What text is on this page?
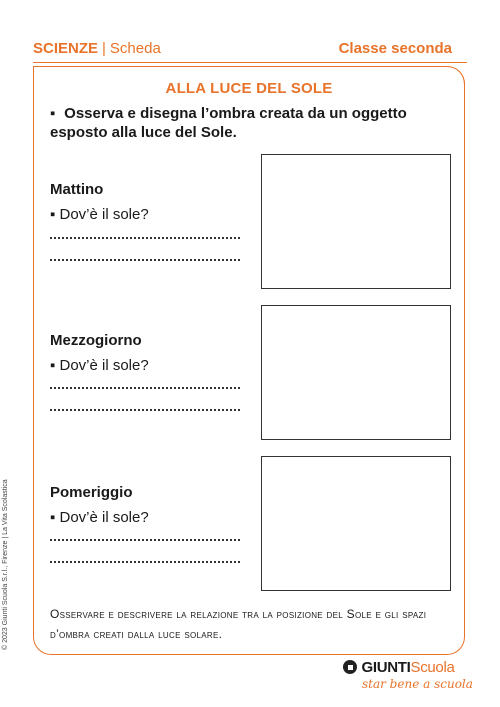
SCIENZE | Scheda	Classe seconda
ALLA LUCE DEL SOLE
▪ Osserva e disegna l’ombra creata da un oggetto esposto alla luce del Sole.
Mattino
▪ Dov’è il sole?
Mezzogiorno
▪ Dov’è il sole?
Pomeriggio
▪ Dov’è il sole?
Osservare e descrivere la relazione tra la posizione del Sole e gli spazi d’ombra creati dalla luce solare.
© 2023 Giunti Scuola S.r.l., Firenze | La Vita Scolastica
GIUNTIScuola
star bene a scuola
